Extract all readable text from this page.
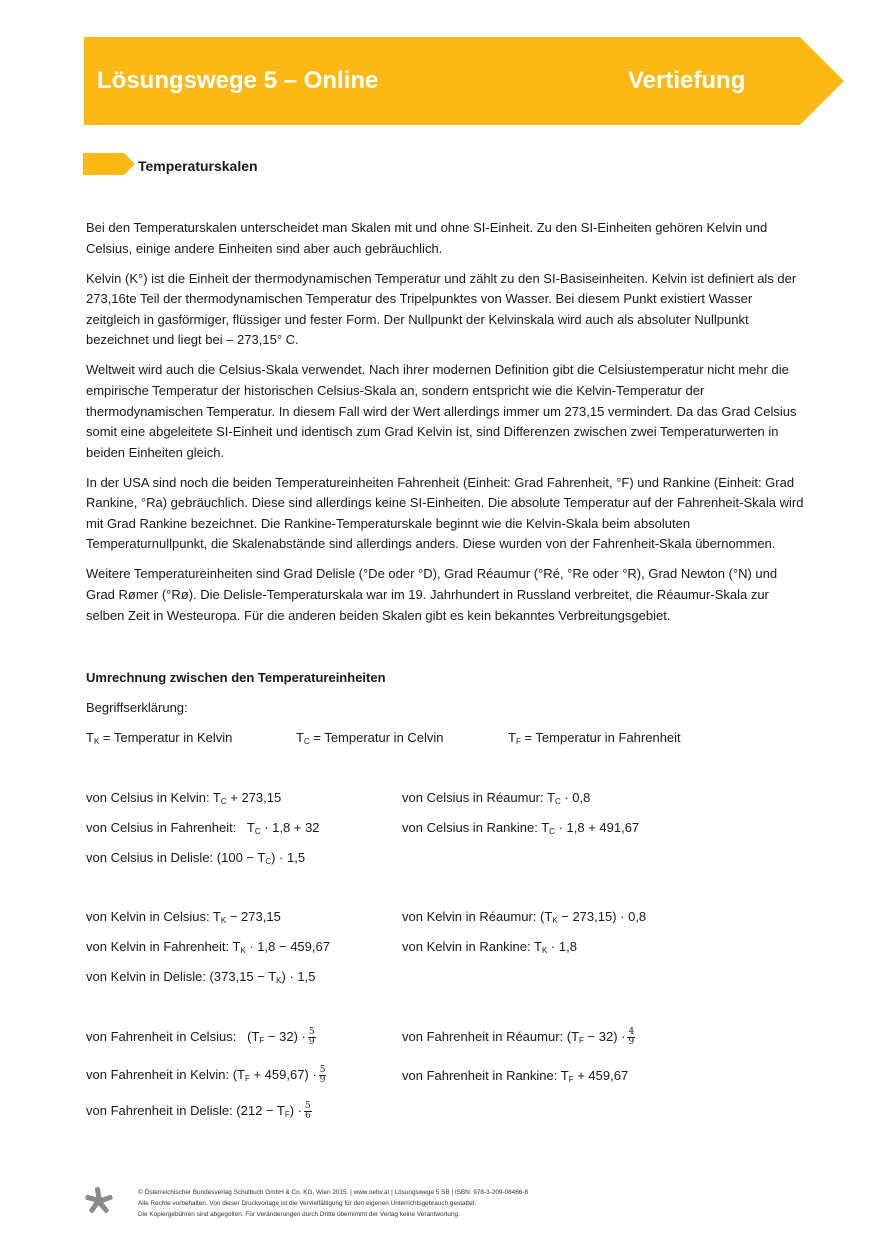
Lösungswege 5 – Online	Vertiefung
Temperaturskalen

Bei den Temperaturskalen unterscheidet man Skalen mit und ohne SI-Einheit. Zu den SI-Einheiten gehören Kelvin und Celsius, einige andere Einheiten sind aber auch gebräuchlich.

Kelvin (K°) ist die Einheit der thermodynamischen Temperatur und zählt zu den SI-Basiseinheiten. Kelvin ist definiert als der 273,16te Teil der thermodynamischen Temperatur des Tripelpunktes von Wasser. Bei diesem Punkt existiert Wasser zeitgleich in gasförmiger, flüssiger und fester Form. Der Nullpunkt der Kelvinskala wird auch als absoluter Nullpunkt bezeichnet und liegt bei – 273,15° C.

Weltweit wird auch die Celsius-Skala verwendet. Nach ihrer modernen Definition gibt die Celsiustemperatur nicht mehr die empirische Temperatur der historischen Celsius-Skala an, sondern entspricht wie die Kelvin-Temperatur der thermodynamischen Temperatur. In diesem Fall wird der Wert allerdings immer um 273,15 vermindert. Da das Grad Celsius somit eine abgeleitete SI-Einheit und identisch zum Grad Kelvin ist, sind Differenzen zwischen zwei Temperaturwerten in beiden Einheiten gleich.

In der USA sind noch die beiden Temperatureinheiten Fahrenheit (Einheit: Grad Fahrenheit, °F) und Rankine (Einheit: Grad Rankine, °Ra) gebräuchlich. Diese sind allerdings keine SI-Einheiten. Die absolute Temperatur auf der Fahrenheit-Skala wird mit Grad Rankine bezeichnet. Die Rankine-Temperaturskale beginnt wie die Kelvin-Skala beim absoluten Temperaturnullpunkt, die Skalenabstände sind allerdings anders. Diese wurden von der Fahrenheit-Skala übernommen.

Weitere Temperatureinheiten sind Grad Delisle (°De oder °D), Grad Réaumur (°Ré, °Re oder °R), Grad Newton (°N) und Grad Rømer (°Rø). Die Delisle-Temperaturskala war im 19. Jahrhundert in Russland verbreitet, die Réaumur-Skala zur selben Zeit in Westeuropa. Für die anderen beiden Skalen gibt es kein bekanntes Verbreitungsgebiet.

Umrechnung zwischen den Temperatureinheiten
Begriffserklärung:
$T_K$ = Temperatur in Kelvin	$T_C$ = Temperatur in Celvin	$T_F$ = Temperatur in Fahrenheit
von Celsius in Kelvin: $T_C + 273,15$	von Celsius in Réaumur: $T_C \cdot 0,8$
von Celsius in Fahrenheit:   $T_C \cdot 1,8 + 32$	von Celsius in Rankine: $T_C \cdot 1,8 + 491,67$
von Celsius in Delisle: $(100 - T_C) \cdot 1,5$
von Kelvin in Celsius: $T_K - 273,15$	von Kelvin in Réaumur: $(T_K - 273,15) \cdot 0,8$
von Kelvin in Fahrenheit: $T_K \cdot 1,8 - 459,67$	von Kelvin in Rankine: $T_K \cdot 1,8$
von Kelvin in Delisle: $(373,15 - T_K) \cdot 1,5$
von Fahrenheit in Celsius:   $(T_F - 32) \cdot \frac{5}{9}$	von Fahrenheit in Réaumur: $(T_F - 32) \cdot \frac{4}{9}$
von Fahrenheit in Kelvin: $(T_F + 459,67) \cdot \frac{5}{9}$	von Fahrenheit in Rankine: $T_F + 459,67$
von Fahrenheit in Delisle: $(212 - T_F) \cdot \frac{5}{6}$
© Österreichischer Bundesverlag Schulbuch GmbH & Co. KG, Wien 2015. | www.oebv.at | Lösungswege 5 SB | ISBN: 978-3-209-08466-8
Alle Rechte vorbehalten. Von dieser Druckvorlage ist die Vervielfältigung für den eigenen Unterrichtsgebrauch gestattet.
Die Kopiergebühren sind abgegolten. Für Veränderungen durch Dritte übernimmt der Verlag keine Verantwortung.
